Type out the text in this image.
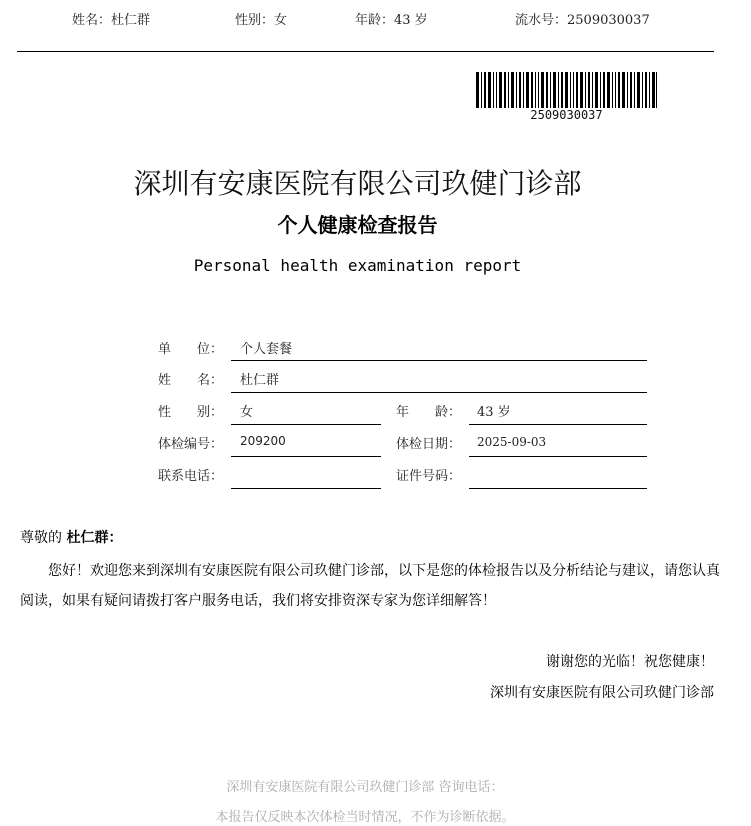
姓名：杜仁群	性别：女	年龄：43 岁	流水号：2509030037
2509030037
深圳有安康医院有限公司玖健门诊部
个人健康检查报告
Personal health examination report
单　　位： 个人套餐
姓　　名： 杜仁群
性　　别： 女	年　　龄： 43 岁
体检编号： 209200	体检日期： 2025-09-03
联系电话：	证件号码：
尊敬的 杜仁群：

您好！欢迎您来到深圳有安康医院有限公司玖健门诊部，以下是您的体检报告以及分析结论与建议，请您认真阅读，如果有疑问请拨打客户服务电话，我们将安排资深专家为您详细解答！

谢谢您的光临！祝您健康！
深圳有安康医院有限公司玖健门诊部
深圳有安康医院有限公司玖健门诊部 咨询电话：
本报告仅反映本次体检当时情况，不作为诊断依据。
